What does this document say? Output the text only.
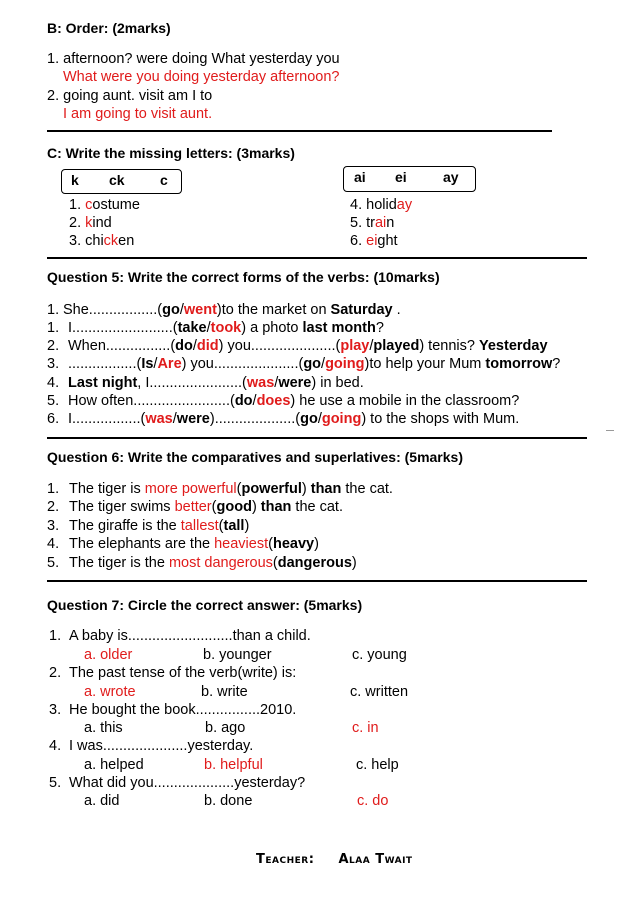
B: Order: (2marks)
1. afternoon? were doing What yesterday you
What were you doing yesterday afternoon?
2. going aunt. visit am I to
I am going to visit aunt.
C: Write the missing letters: (3marks)
k ck	c	ai ei	ay
1. costume
2. kind
3. chicken
4. holiday
5. train
6. eight
Question 5: Write the correct forms of the verbs: (10marks)
1. She.................(go/went)to the market on Saturday .
1. I.........................(take/took) a photo last month?
2. When................(do/did) you.....................(play/played) tennis? Yesterday
3. .................(Is/Are) you.....................(go/going)to help your Mum tomorrow?
4. Last night, I.......................(was/were) in bed.
5. How often........................(do/does) he use a mobile in the classroom?
6. I.................(was/were)....................(go/going) to the shops with Mum.
Question 6: Write the comparatives and superlatives: (5marks)
1. The tiger is more powerful(powerful) than the cat.
2. The tiger swims better(good) than the cat.
3. The giraffe is the tallest(tall)
4. The elephants are the heaviest(heavy)
5. The tiger is the most dangerous(dangerous)
Question 7: Circle the correct answer: (5marks)
1. A baby is..........................than a child.
a. older	b. younger	c. young
2. The past tense of the verb(write) is:
a. wrote	b. write	c. written
3. He bought the book................2010.
a. this	b. ago	c. in
4. I was.....................yesterday.
a. helped	b. helpful	c. help
5. What did you....................yesterday?
a. did	b. done	c. do
Teacher: Alaa Twait
